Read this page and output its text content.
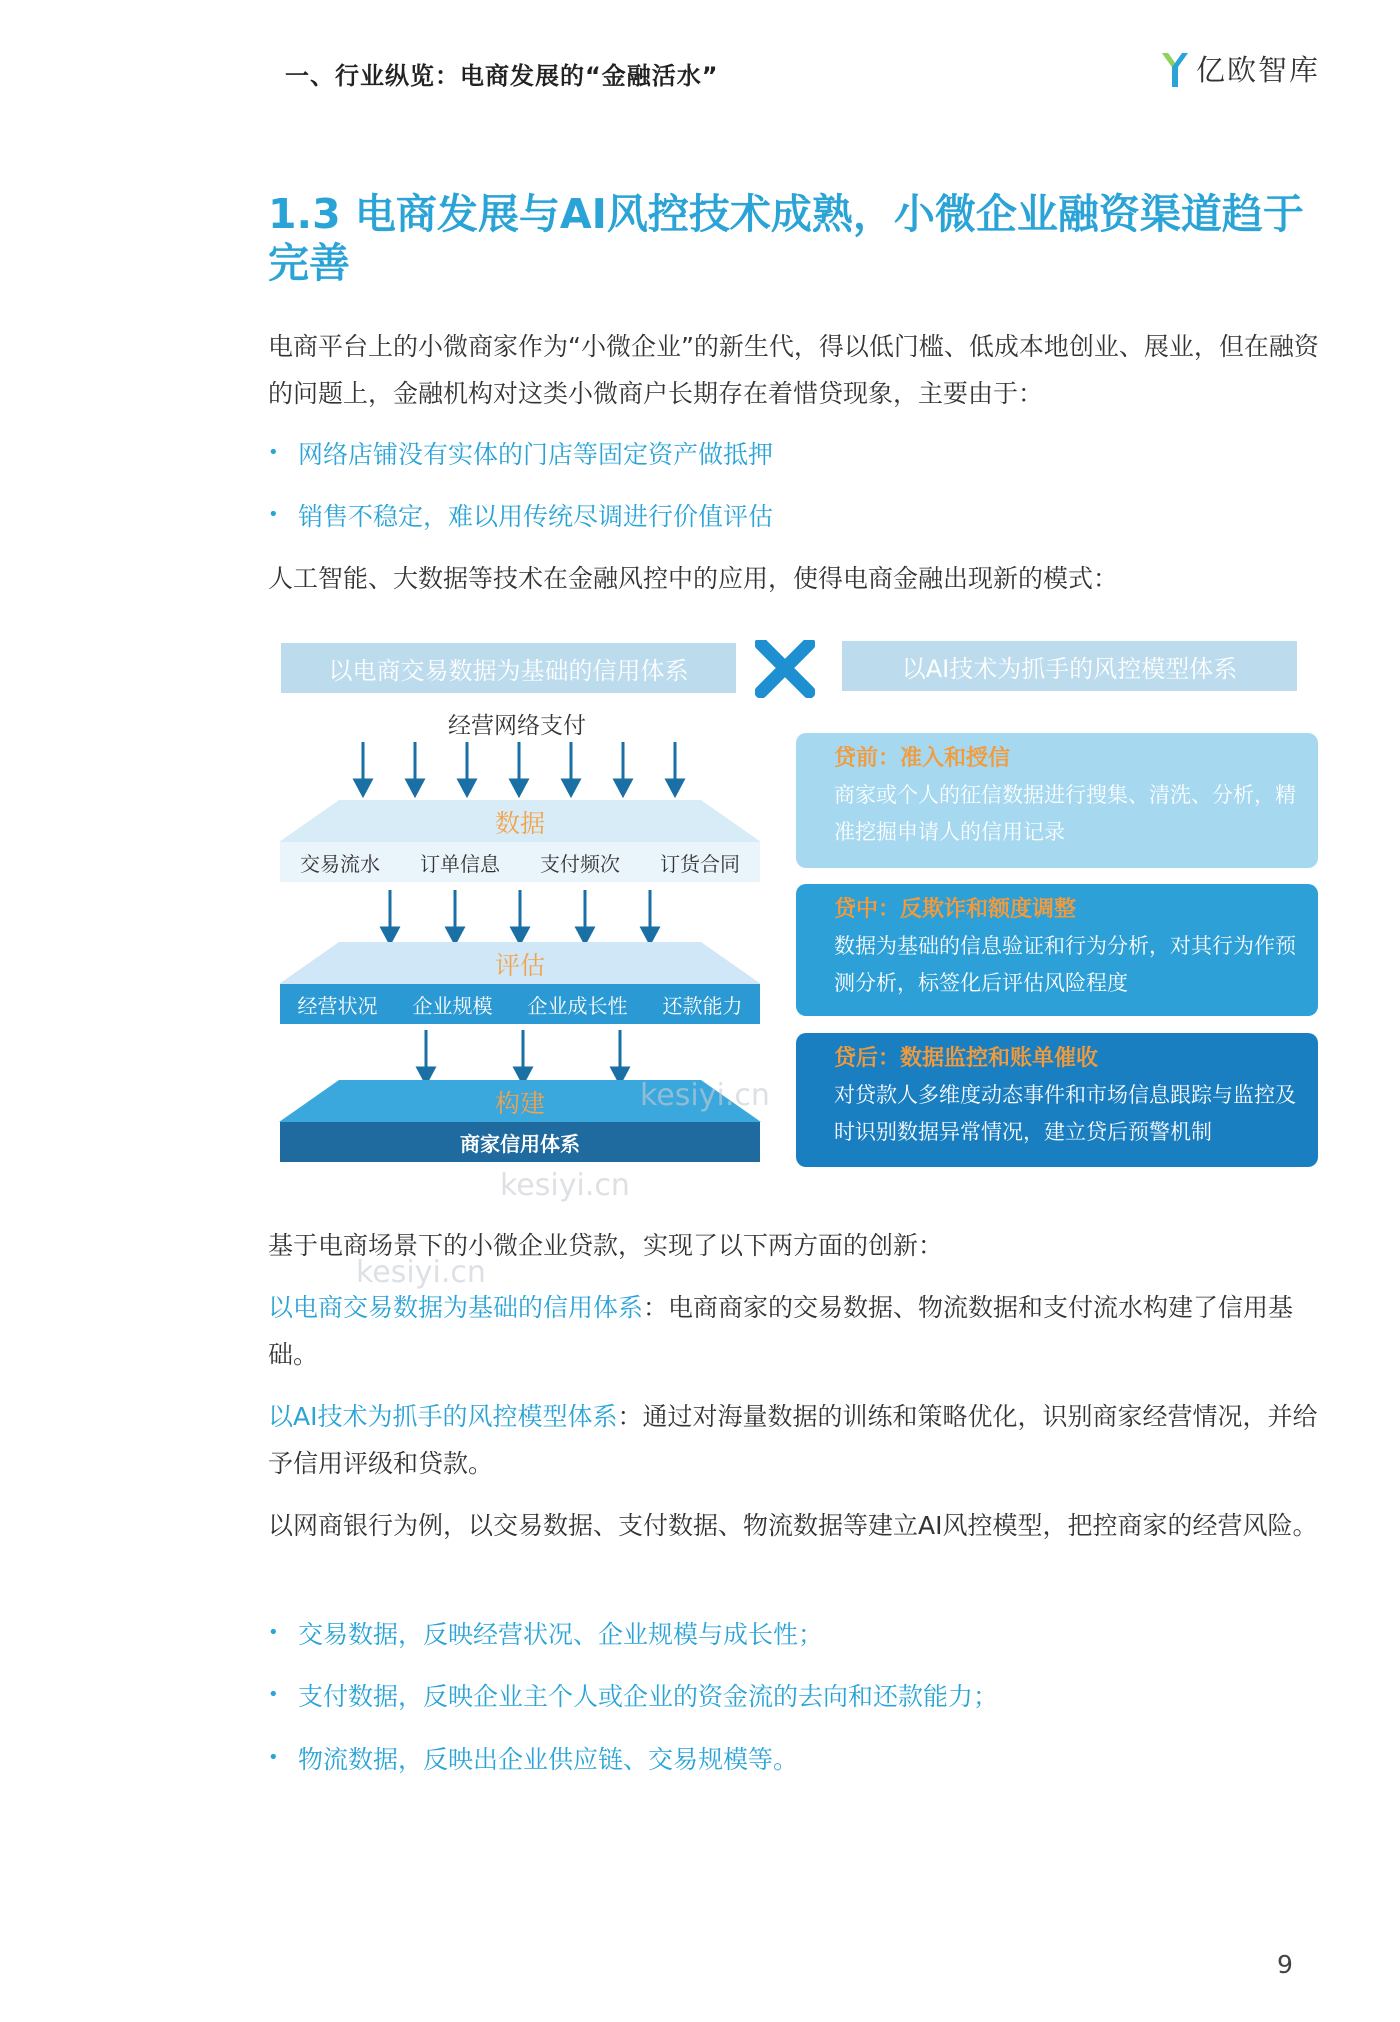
一、行业纵览：电商发展的“金融活水”	亿欧智库
1.3 电商发展与AI风控技术成熟，小微企业融资渠道趋于完善
电商平台上的小微商家作为“小微企业”的新生代，得以低门槛、低成本地创业、展业，但在融资的问题上，金融机构对这类小微商户长期存在着惜贷现象，主要由于：
• 网络店铺没有实体的门店等固定资产做抵押
• 销售不稳定，难以用传统尽调进行价值评估
人工智能、大数据等技术在金融风控中的应用，使得电商金融出现新的模式：
以电商交易数据为基础的信用体系	以AI技术为抓手的风控模型体系
经营网络支付
数据
交易流水 订单信息 支付频次 订货合同
评估
经营状况 企业规模 企业成长性 还款能力
构建
商家信用体系
贷前：准入和授信
商家或个人的征信数据进行搜集、清洗、分析，精准挖掘申请人的信用记录
贷中：反欺诈和额度调整
数据为基础的信息验证和行为分析，对其行为作预测分析，标签化后评估风险程度
贷后：数据监控和账单催收
对贷款人多维度动态事件和市场信息跟踪与监控及时识别数据异常情况，建立贷后预警机制
kesiyi.cn
kesiyi.cn
kesiyi.cn
基于电商场景下的小微企业贷款，实现了以下两方面的创新：
以电商交易数据为基础的信用体系：电商商家的交易数据、物流数据和支付流水构建了信用基础。
以AI技术为抓手的风控模型体系：通过对海量数据的训练和策略优化，识别商家经营情况，并给予信用评级和贷款。
以网商银行为例，以交易数据、支付数据、物流数据等建立AI风控模型，把控商家的经营风险。
• 交易数据，反映经营状况、企业规模与成长性；
• 支付数据，反映企业主个人或企业的资金流的去向和还款能力；
• 物流数据，反映出企业供应链、交易规模等。
9
